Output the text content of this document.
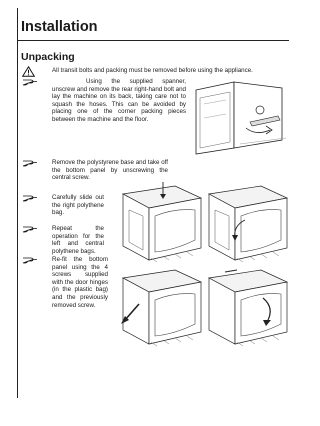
Installation
Unpacking
All transit bolts and packing must be removed before using the appliance.
Using the supplied spanner, unscrew and remove the rear right-hand bolt and lay the machine on its back, taking care not to squash the hoses. This can be avoided by placing one of the corner packing pieces between the machine and the floor.
Remove the polystyrene base and take off the bottom panel by unscrewing the central screw.
Carefully slide out the right polythene bag.
Repeat the operation for the left and central polythene bags.
Re-fit the bottom panel using the 4 screws supplied with the door hinges (in the plastic bag) and the previously removed screw.
